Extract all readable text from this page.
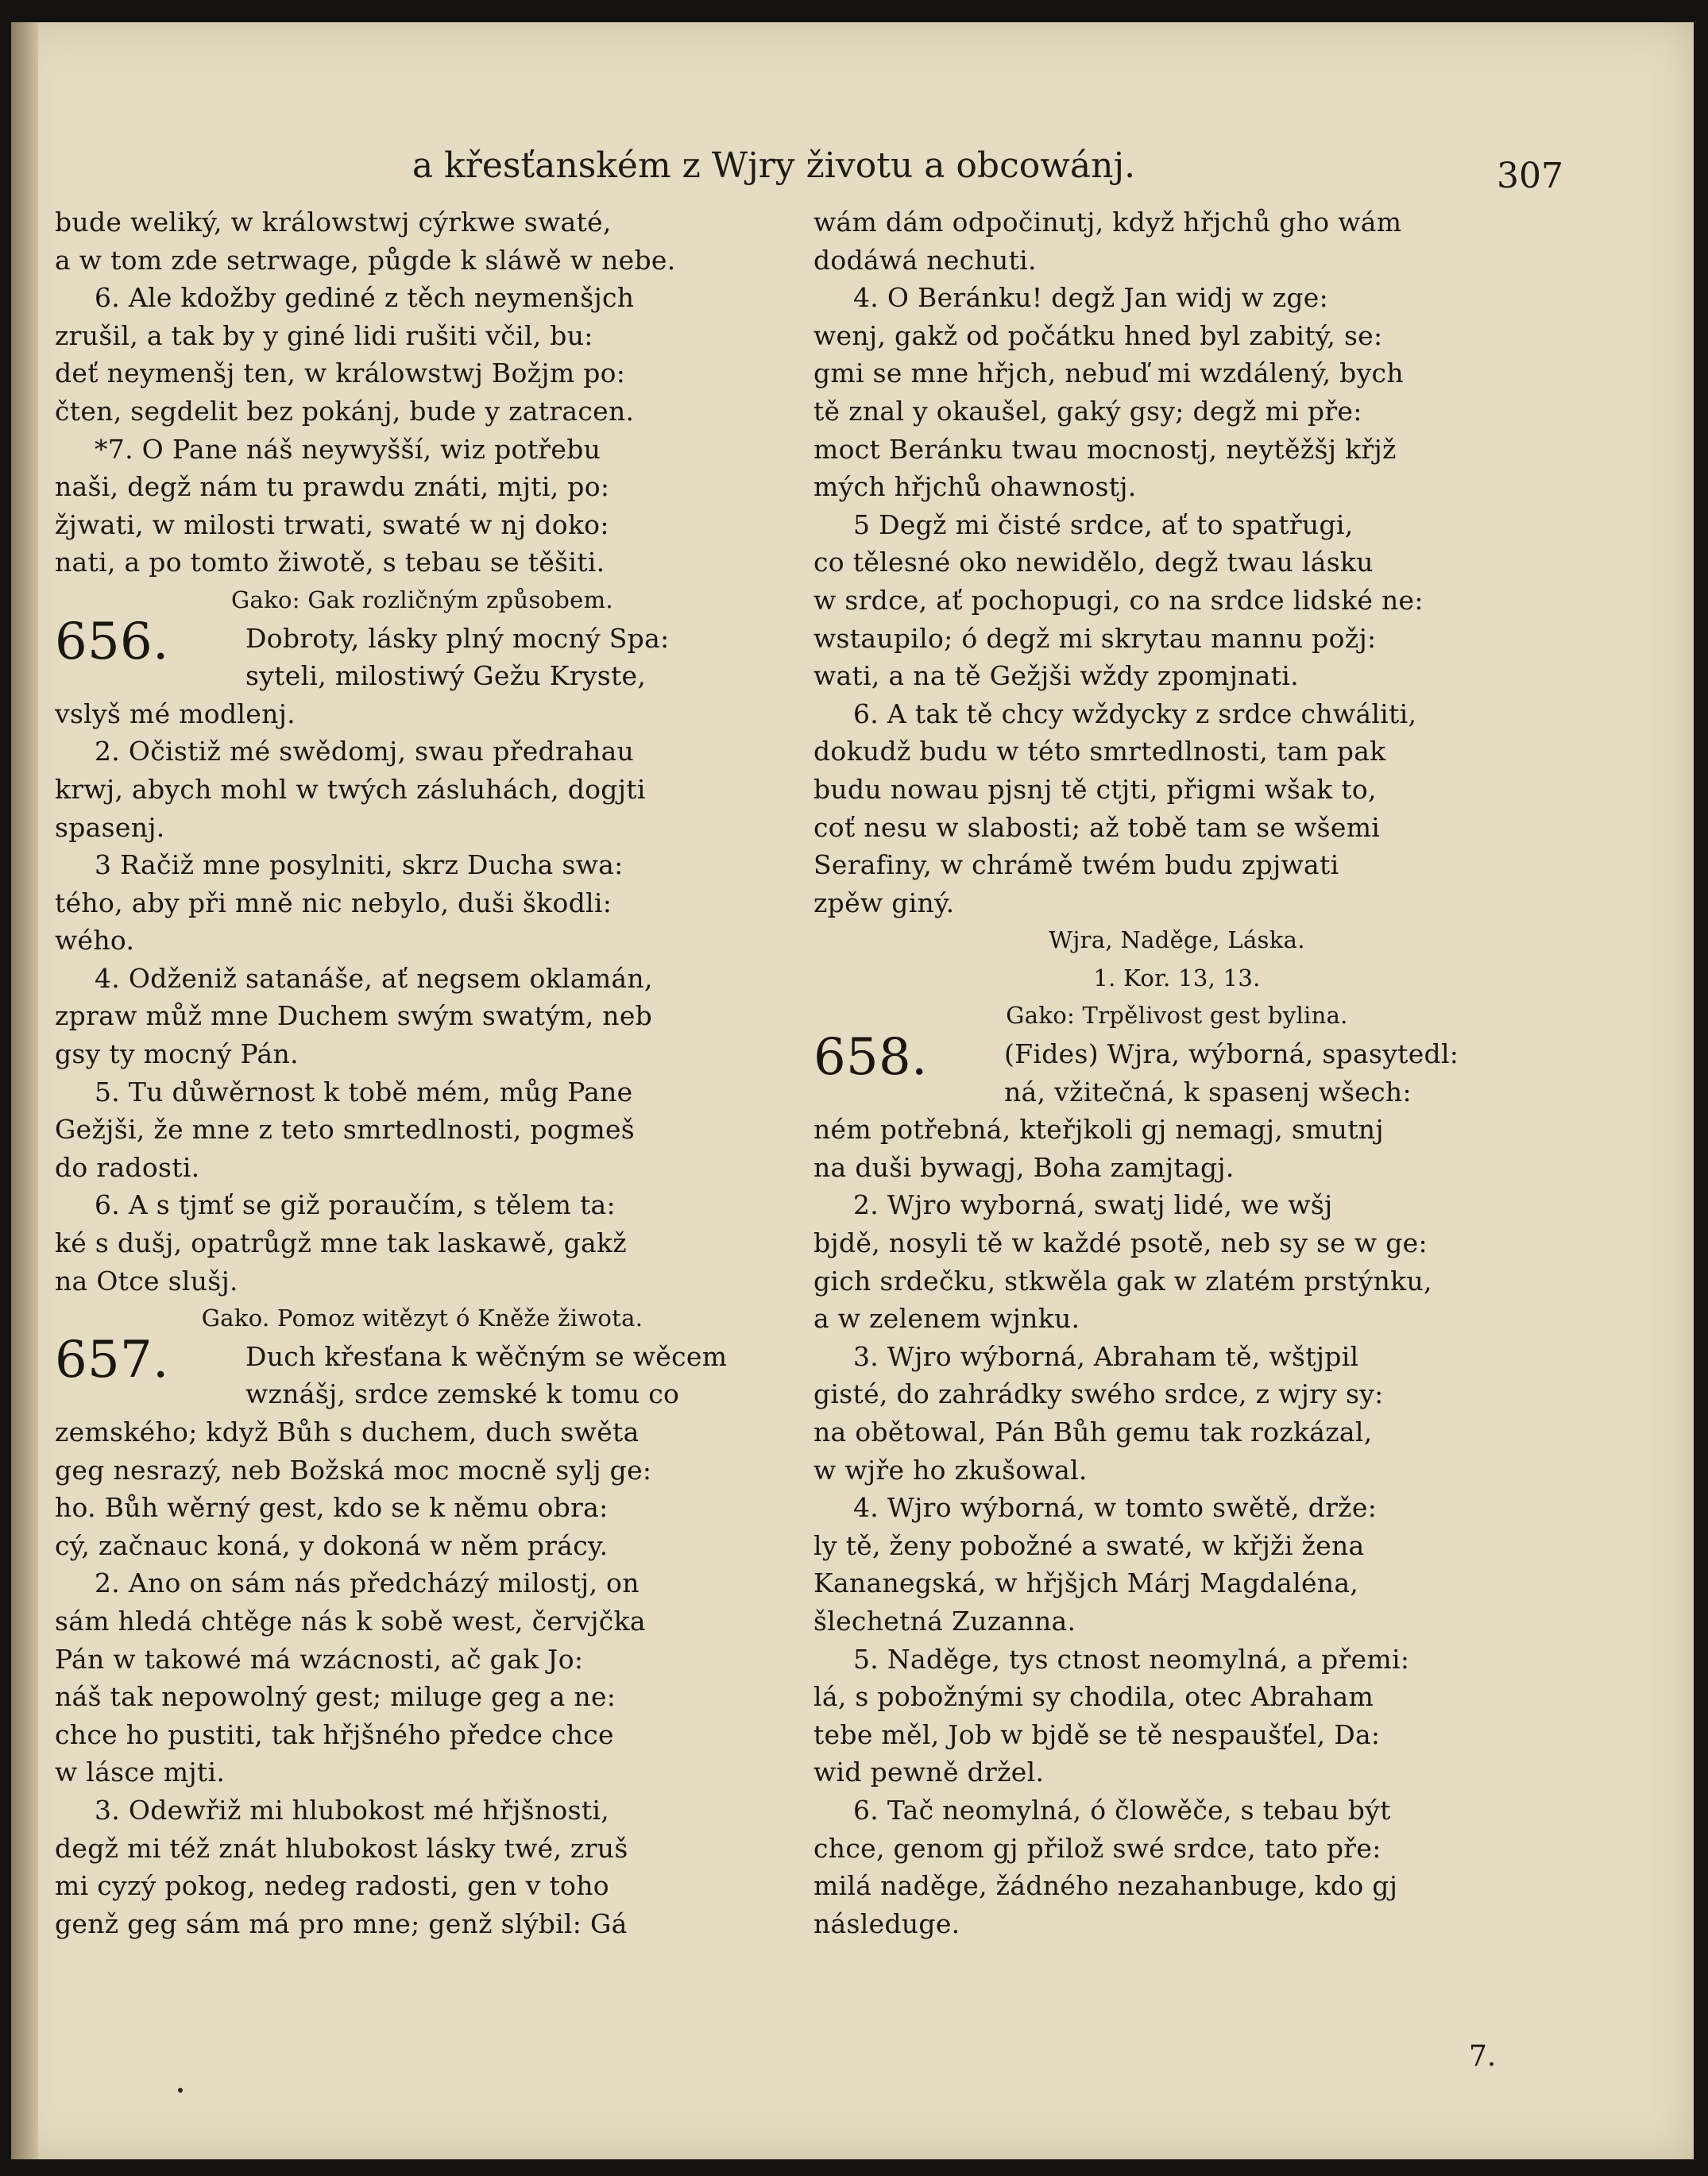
a křesťanském z Wjry životu a obcowánj.	307
bude weliký, w králowstwj cýrkwe swaté,
a w tom zde setrwage, půgde k sláwě w nebe.
6. Ale kdožby gediné z těch neymenšjch
zrušil, a tak by y giné lidi rušiti včil, bu:
deť neymenšj ten, w králowstwj Božjm po:
čten, segdelit bez pokánj, bude y zatracen.
*7. O Pane náš neywyšší, wiz potřebu
naši, degž nám tu prawdu znáti, mjti, po:
žjwati, w milosti trwati, swaté w nj doko:
nati, a po tomto žiwotě, s tebau se těšiti.
Gako: Gak rozličným způsobem.
656.	Dobroty, lásky plný mocný Spa:
syteli, milostiwý Gežu Kryste,
vslyš mé modlenj.
2. Očistiž mé swědomj, swau předrahau
krwj, abych mohl w twých zásluhách, dogjti
spasenj.
3 Račiž mne posylniti, skrz Ducha swa:
tého, aby při mně nic nebylo, duši škodli:
wého.
4. Odženiž satanáše, ať negsem oklamán,
zpraw můž mne Duchem swým swatým, neb
gsy ty mocný Pán.
5. Tu důwěrnost k tobě mém, můg Pane
Gežjši, že mne z teto smrtedlnosti, pogmeš
do radosti.
6. A s tjmť se giž poraučím, s tělem ta:
ké s dušj, opatrůgž mne tak laskawě, gakž
na Otce slušj.
Gako. Pomoz witězyt ó Kněže žiwota.
657.	Duch křesťana k wěčným se wěcem
wznášj, srdce zemské k tomu co
zemského; když Bůh s duchem, duch swěta
geg nesrazý, neb Božská moc mocně sylj ge:
ho. Bůh wěrný gest, kdo se k němu obra:
cý, začnauc koná, y dokoná w něm prácy.
2. Ano on sám nás předcházý milostj, on
sám hledá chtěge nás k sobě west, červjčka
Pán w takowé má wzácnosti, ač gak Jo:
náš tak nepowolný gest; miluge geg a ne:
chce ho pustiti, tak hřjšného předce chce
w lásce mjti.
3. Odewřiž mi hlubokost mé hřjšnosti,
degž mi též znát hlubokost lásky twé, zruš
mi cyzý pokog, nedeg radosti, gen v toho
genž geg sám má pro mne; genž slýbil: Gá
wám dám odpočinutj, když hřjchů gho wám
dodáwá nechuti.
4. O Beránku! degž Jan widj w zge:
wenj, gakž od počátku hned byl zabitý, se:
gmi se mne hřjch, nebuď mi wzdálený, bych
tě znal y okaušel, gaký gsy; degž mi pře:
moct Beránku twau mocnostj, neytěžšj křjž
mých hřjchů ohawnostj.
5 Degž mi čisté srdce, ať to spatřugi,
co tělesné oko newidělo, degž twau lásku
w srdce, ať pochopugi, co na srdce lidské ne:
wstaupilo; ó degž mi skrytau mannu požj:
wati, a na tě Gežjši wždy zpomjnati.
6. A tak tě chcy wždycky z srdce chwáliti,
dokudž budu w této smrtedlnosti, tam pak
budu nowau pjsnj tě ctjti, přigmi wšak to,
coť nesu w slabosti; až tobě tam se wšemi
Serafiny, w chrámě twém budu zpjwati
zpěw giný.
Wjra, Naděge, Láska.
1. Kor. 13, 13.
Gako: Trpělivost gest bylina.
658.	(Fides) Wjra, wýborná, spasytedl:
ná, vžitečná, k spasenj wšech:
ném potřebná, kteřjkoli gj nemagj, smutnj
na duši bywagj, Boha zamjtagj.
2. Wjro wyborná, swatj lidé, we wšj
bjdě, nosyli tě w každé psotě, neb sy se w ge:
gich srdečku, stkwěla gak w zlatém prstýnku,
a w zelenem wjnku.
3. Wjro wýborná, Abraham tě, wštjpil
gisté, do zahrádky swého srdce, z wjry sy:
na obětowal, Pán Bůh gemu tak rozkázal,
w wjře ho zkušowal.
4. Wjro wýborná, w tomto swětě, drže:
ly tě, ženy pobožné a swaté, w křjži žena
Kananegská, w hřjšjch Márj Magdaléna,
šlechetná Zuzanna.
5. Naděge, tys ctnost neomylná, a přemi:
lá, s pobožnými sy chodila, otec Abraham
tebe měl, Job w bjdě se tě nespaušťel, Da:
wid pewně držel.
6. Tač neomylná, ó člowěče, s tebau být
chce, genom gj přilož swé srdce, tato pře:
milá naděge, žádného nezahanbuge, kdo gj
následuge.
7.
